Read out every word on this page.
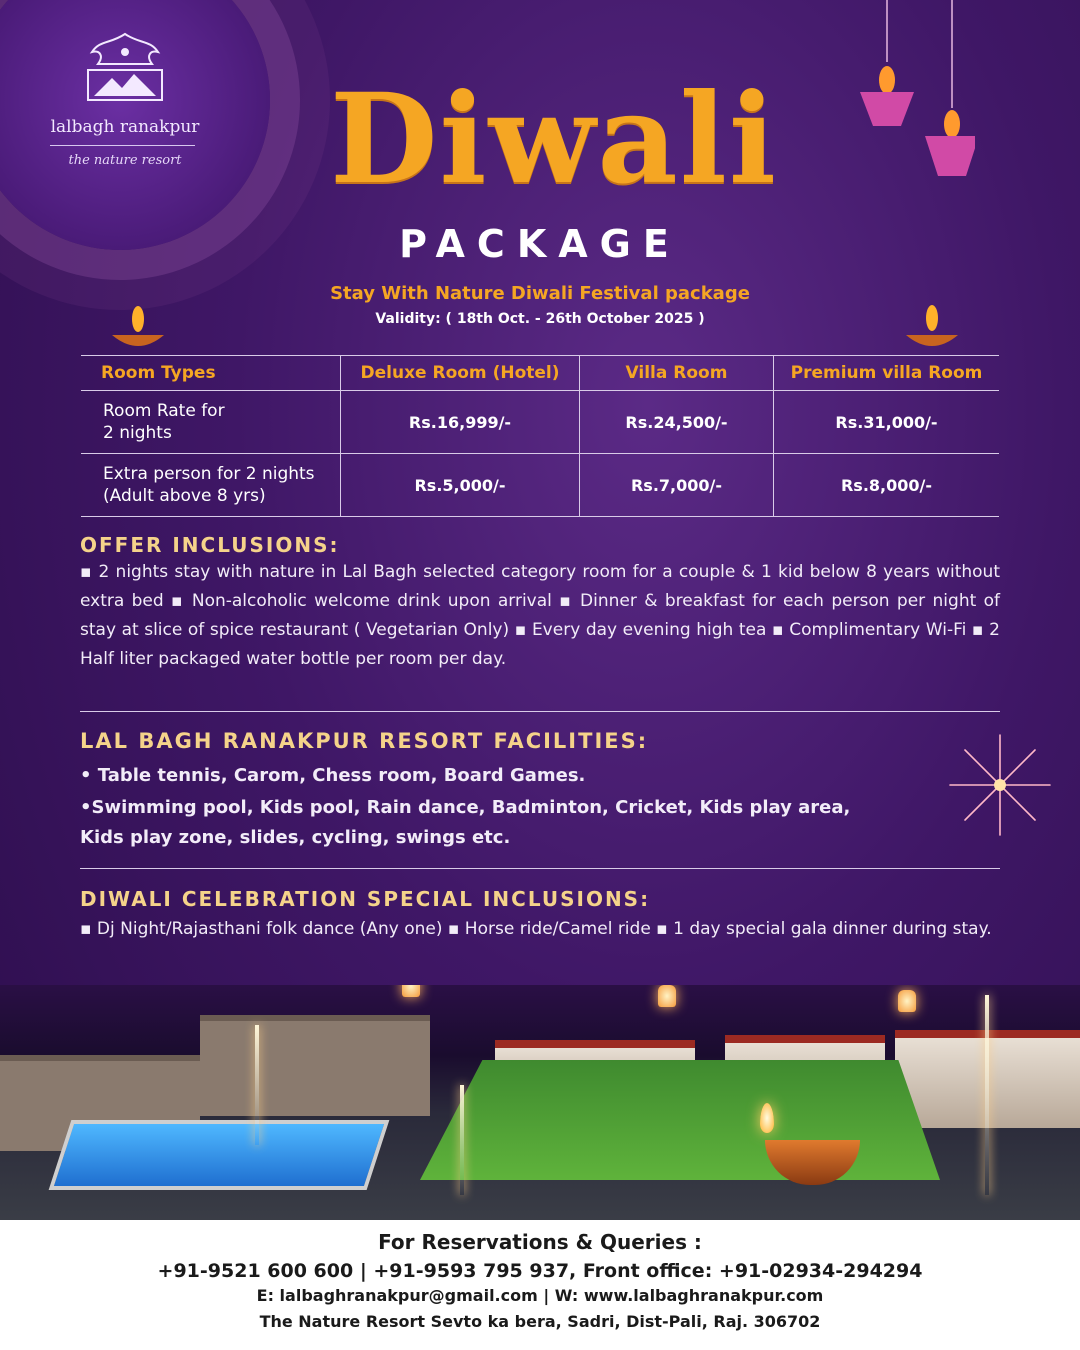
lalbagh ranakpur
the nature resort	Diwali
PACKAGE
Stay With Nature Diwali Festival package
Validity: ( 18th Oct. - 26th October 2025 )
Room Types	Deluxe Room (Hotel)	Villa Room	Premium villa Room
Room Rate for
2 nights	Rs.16,999/-	Rs.24,500/-	Rs.31,000/-
Extra person for 2 nights
(Adult above 8 yrs)	Rs.5,000/-	Rs.7,000/-	Rs.8,000/-
OFFER INCLUSIONS:
▪ 2 nights stay with nature in Lal Bagh selected category room for a couple & 1 kid below 8 years without extra bed ▪ Non-alcoholic welcome drink upon arrival ▪ Dinner & breakfast for each person per night of stay at slice of spice restaurant ( Vegetarian Only) ▪ Every day evening high tea ▪ Complimentary Wi-Fi ▪ 2 Half liter packaged water bottle per room per day.
LAL BAGH RANAKPUR RESORT FACILITIES:
• Table tennis, Carom, Chess room, Board Games.
•Swimming pool, Kids pool, Rain dance, Badminton, Cricket, Kids play area, Kids play zone, slides, cycling, swings etc.
DIWALI CELEBRATION SPECIAL INCLUSIONS:
▪ Dj Night/Rajasthani folk dance (Any one) ▪ Horse ride/Camel ride ▪ 1 day special gala dinner during stay.
For Reservations & Queries :
+91-9521 600 600 | +91-9593 795 937, Front office: +91-02934-294294
E: lalbaghranakpur@gmail.com | W: www.lalbaghranakpur.com
The Nature Resort Sevto ka bera, Sadri, Dist-Pali, Raj. 306702
